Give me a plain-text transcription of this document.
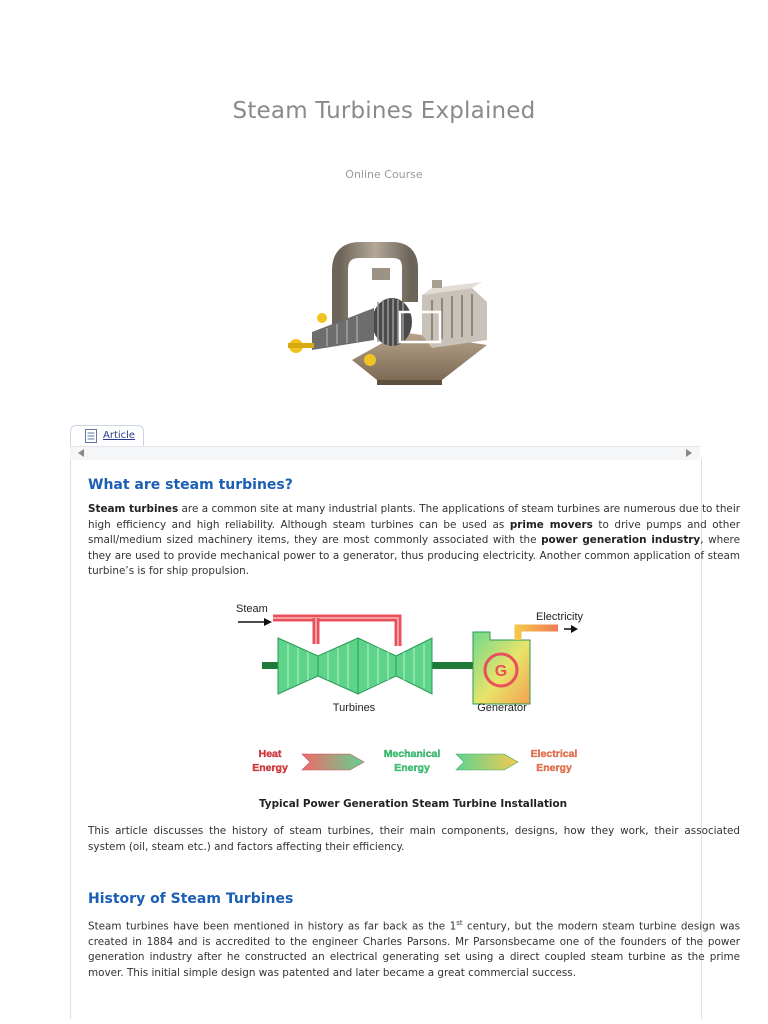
Steam Turbines Explained
Online Course
Article
What are steam turbines?
Steam turbines are a common site at many industrial plants. The applications of steam turbines are numerous due to their high efficiency and high reliability. Although steam turbines can be used as prime movers to drive pumps and other small/medium sized machinery items, they are most commonly associated with the power generation industry, where they are used to provide mechanical power to a generator, thus producing electricity. Another common application of steam turbine’s is for ship propulsion.
Steam
G
Electricity
Turbines	Generator
Heat
Energy
Mechanical
Energy
Electrical
Energy
Typical Power Generation Steam Turbine Installation
This article discusses the history of steam turbines, their main components, designs, how they work, their associated system (oil, steam etc.) and factors affecting their efficiency.
History of Steam Turbines
Steam turbines have been mentioned in history as far back as the 1st century, but the modern steam turbine design was created in 1884 and is accredited to the engineer Charles Parsons. Mr Parsonsbecame one of the founders of the power generation industry after he constructed an electrical generating set using a direct coupled steam turbine as the prime mover. This initial simple design was patented and later became a great commercial success.
